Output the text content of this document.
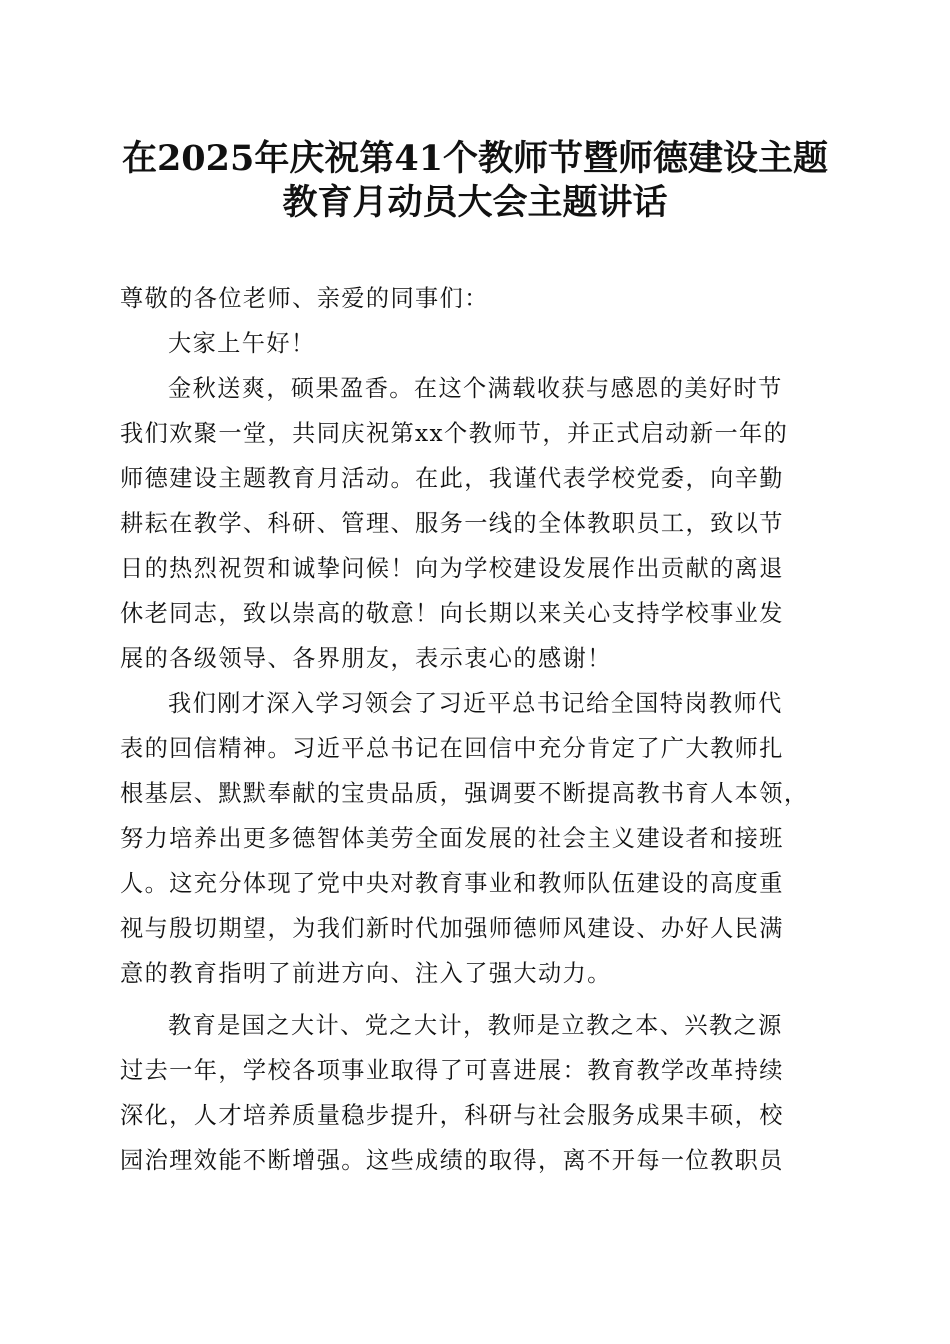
在2025年庆祝第41个教师节暨师德建设主题
教育月动员大会主题讲话

尊敬的各位老师、亲爱的同事们：

大家上午好！

金秋送爽，硕果盈香。在这个满载收获与感恩的美好时节

我们欢聚一堂，共同庆祝第xx个教师节，并正式启动新一年的

师德建设主题教育月活动。在此，我谨代表学校党委，向辛勤

耕耘在教学、科研、管理、服务一线的全体教职员工，致以节

日的热烈祝贺和诚挚问候！向为学校建设发展作出贡献的离退

休老同志，致以崇高的敬意！向长期以来关心支持学校事业发

展的各级领导、各界朋友，表示衷心的感谢！

我们刚才深入学习领会了习近平总书记给全国特岗教师代

表的回信精神。习近平总书记在回信中充分肯定了广大教师扎

根基层、默默奉献的宝贵品质，强调要不断提高教书育人本领，

努力培养出更多德智体美劳全面发展的社会主义建设者和接班

人。这充分体现了党中央对教育事业和教师队伍建设的高度重

视与殷切期望，为我们新时代加强师德师风建设、办好人民满

意的教育指明了前进方向、注入了强大动力。

教育是国之大计、党之大计，教师是立教之本、兴教之源

过去一年，学校各项事业取得了可喜进展：教育教学改革持续

深化，人才培养质量稳步提升，科研与社会服务成果丰硕，校

园治理效能不断增强。这些成绩的取得，离不开每一位教职员
